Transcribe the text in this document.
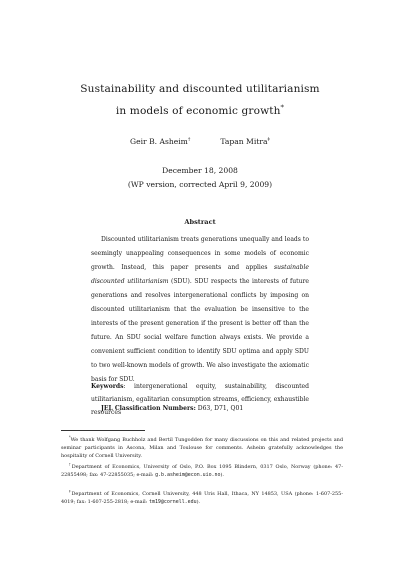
Sustainability and discounted utilitarianism
in models of economic growth*
Geir B. Asheim†	Tapan Mitra‡
December 18, 2008
(WP version, corrected April 9, 2009)
Abstract

Discounted utilitarianism treats generations unequally and leads to seemingly unappealing consequences in some models of economic growth. Instead, this paper presents and applies sustainable discounted utilitarianism (SDU). SDU respects the interests of future generations and resolves intergenerational conflicts by imposing on discounted utilitarianism that the evaluation be insensitive to the interests of the present generation if the present is better off than the future. An SDU social welfare function always exists. We provide a convenient sufficient condition to identify SDU optima and apply SDU to two well-known models of growth. We also investigate the axiomatic basis for SDU.

Keywords: intergenerational equity, sustainability, discounted utilitarianism, egalitarian consumption streams, efficiency, exhaustible resources

JEL Classification Numbers: D63, D71, Q01

*We thank Wolfgang Buchholz and Bertil Tungodden for many discussions on this and related projects and seminar participants in Ascona, Milan and Toulouse for comments. Asheim gratefully acknowledges the hospitality of Cornell University.

†Department of Economics, University of Oslo, P.O. Box 1095 Blindern, 0317 Oslo, Norway (phone: 47-22855498; fax: 47-22855035; e-mail: g.b.asheim@econ.uio.no).

‡Department of Economics, Cornell University, 448 Uris Hall, Ithaca, NY 14853, USA (phone: 1-607-255-4019; fax: 1-607-255-2818; e-mail: tm19@cornell.edu).
